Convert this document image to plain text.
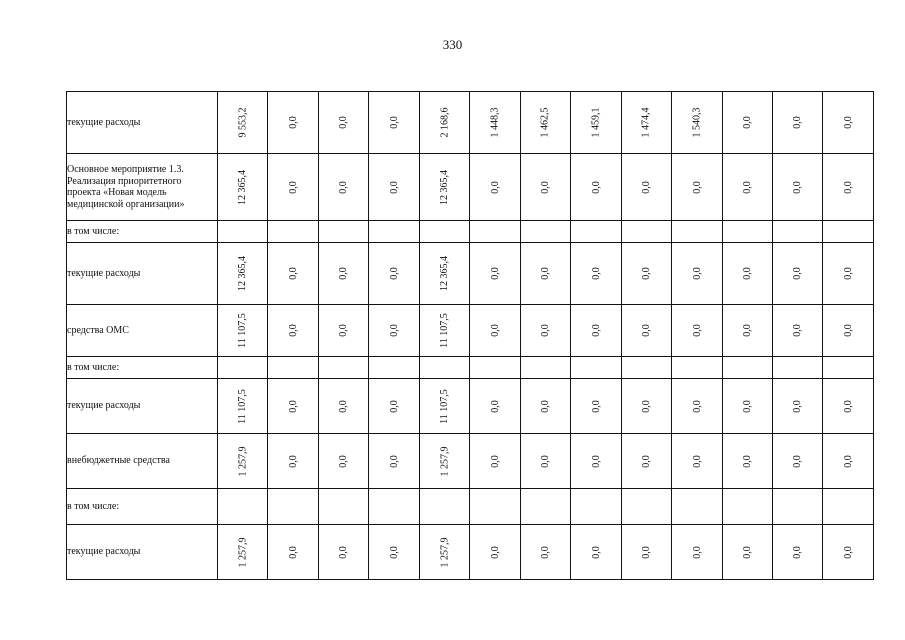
330
текущие расходы	9 553,2	0,0	0,0	0,0	2 168,6	1 448,3	1 462,5	1 459,1	1 474,4	1 540,3	0,0	0,0	0,0
Основное мероприятие 1.3. Реализация приоритетного проекта «Новая модель медицинской организации»	12 365,4	0,0	0,0	0,0	12 365,4	0,0	0,0	0,0	0,0	0,0	0,0	0,0	0,0
в том числе:													
текущие расходы	12 365,4	0,0	0,0	0,0	12 365,4	0,0	0,0	0,0	0,0	0,0	0,0	0,0	0,0
средства ОМС	11 107,5	0,0	0,0	0,0	11 107,5	0,0	0,0	0,0	0,0	0,0	0,0	0,0	0,0
в том числе:													
текущие расходы	11 107,5	0,0	0,0	0,0	11 107,5	0,0	0,0	0,0	0,0	0,0	0,0	0,0	0,0
внебюджетные средства	1 257,9	0,0	0,0	0,0	1 257,9	0,0	0,0	0,0	0,0	0,0	0,0	0,0	0,0
в том числе:													
текущие расходы	1 257,9	0,0	0,0	0,0	1 257,9	0,0	0,0	0,0	0,0	0,0	0,0	0,0	0,0
